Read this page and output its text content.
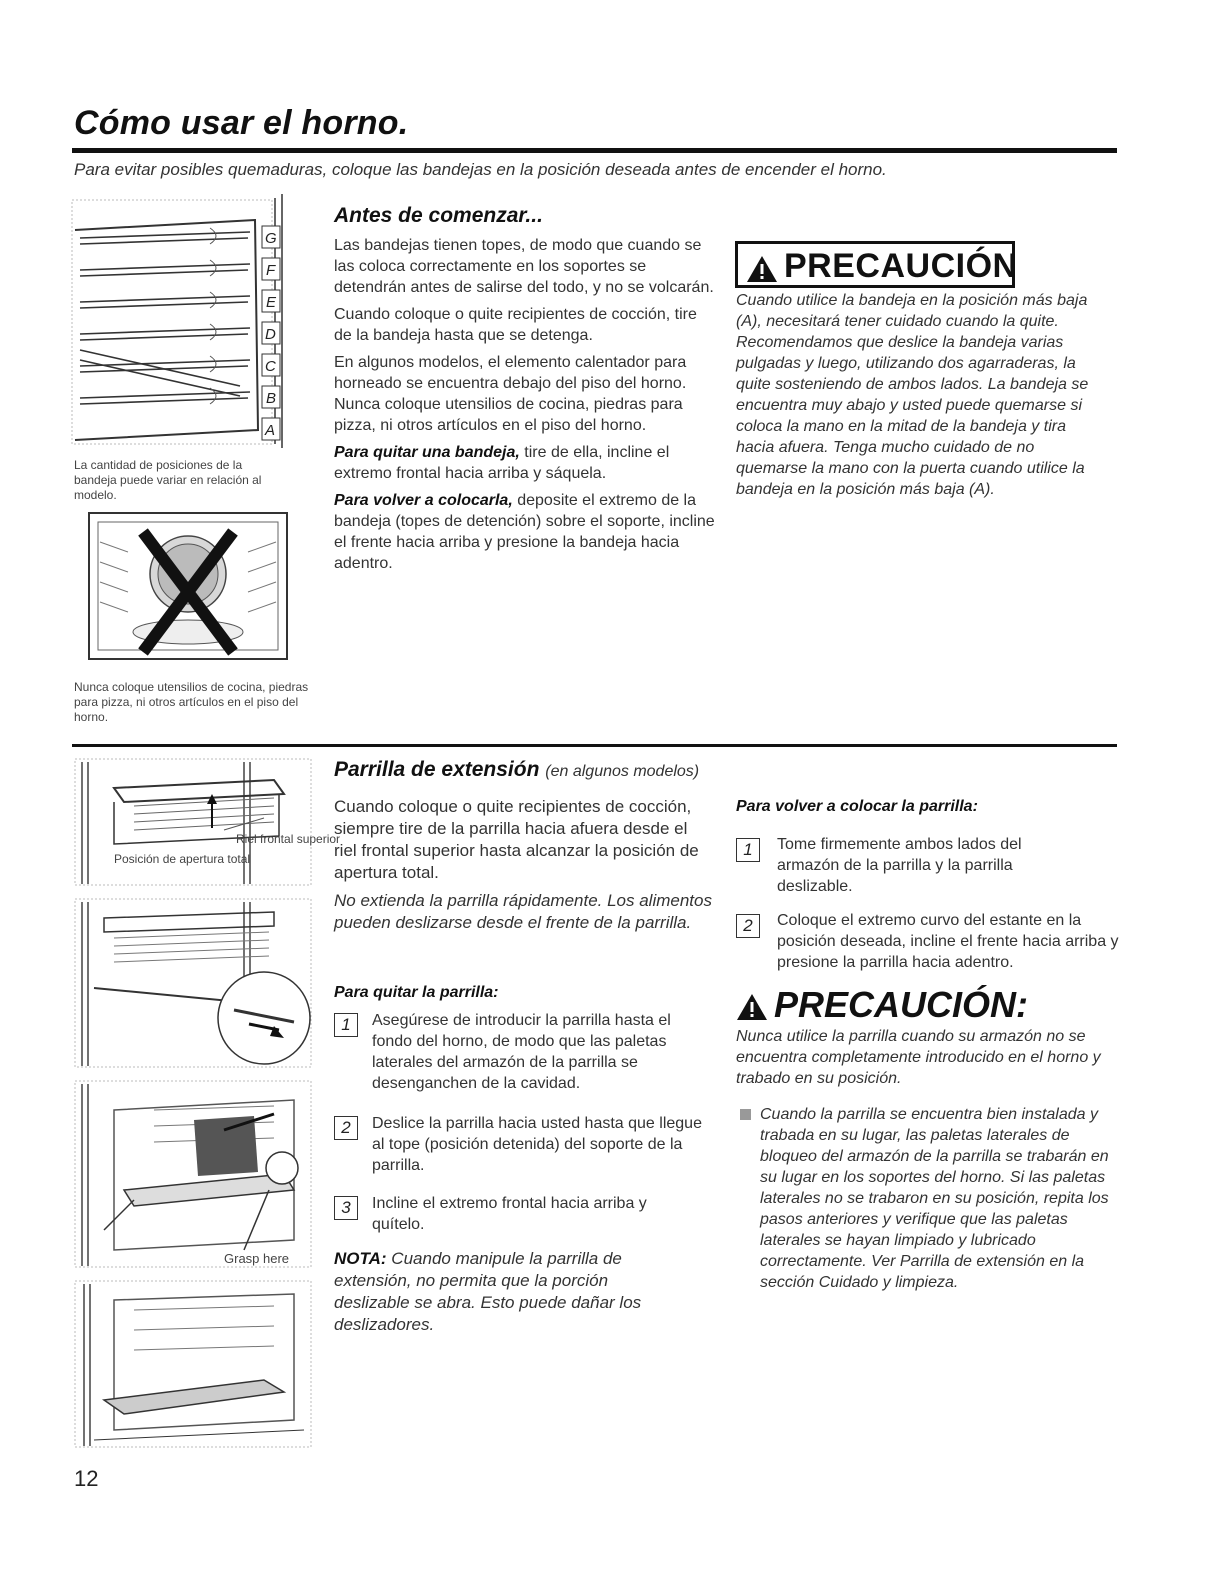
Cómo usar el horno.
Para evitar posibles quemaduras, coloque las bandejas en la posición deseada antes de encender el horno.
G
F
E
D
C
B
A
La cantidad de posiciones de la bandeja puede variar en relación al modelo.
Nunca coloque utensilios de cocina, piedras para pizza, ni otros artículos en el piso del horno.
Antes de comenzar...

Las bandejas tienen topes, de modo que cuando se las coloca correctamente en los soportes se detendrán antes de salirse del todo, y no se volcarán.

Cuando coloque o quite recipientes de cocción, tire de la bandeja hasta que se detenga.

En algunos modelos, el elemento calentador para horneado se encuentra debajo del piso del horno. Nunca coloque utensilios de cocina, piedras para pizza, ni otros artículos en el piso del horno.

Para quitar una bandeja, tire de ella, incline el extremo frontal hacia arriba y sáquela.

Para volver a colocarla, deposite el extremo de la bandeja (topes de detención) sobre el soporte, incline el frente hacia arriba y presione la bandeja hacia adentro.

PRECAUCIÓN
Cuando utilice la bandeja en la posición más baja (A), necesitará tener cuidado cuando la quite. Recomendamos que deslice la bandeja varias pulgadas y luego, utilizando dos agarraderas, la quite sosteniendo de ambos lados. La bandeja se encuentra muy abajo y usted puede quemarse si coloca la mano en la mitad de la bandeja y tira hacia afuera. Tenga mucho cuidado de no quemarse la mano con la puerta cuando utilice la bandeja en la posición más baja (A).
Riel frontal superior
Posición de apertura total
Grasp here
Parrilla de extensión (en algunos modelos)

Cuando coloque o quite recipientes de cocción, siempre tire de la parrilla hacia afuera desde el riel frontal superior hasta alcanzar la posición de apertura total.

No extienda la parrilla rápidamente. Los alimentos pueden deslizarse desde el frente de la parrilla.

Para quitar la parrilla:
1	Asegúrese de introducir la parrilla hasta el fondo del horno, de modo que las paletas laterales del armazón de la parrilla se desenganchen de la cavidad.
2	Deslice la parrilla hacia usted hasta que llegue al tope (posición detenida) del soporte de la parrilla.
3	Incline el extremo frontal hacia arriba y quítelo.

NOTA: Cuando manipule la parrilla de extensión, no permita que la porción deslizable se abra. Esto puede dañar los deslizadores.

Para volver a colocar la parrilla:
1	Tome firmemente ambos lados del armazón de la parrilla y la parrilla deslizable.
2	Coloque el extremo curvo del estante en la posición deseada, incline el frente hacia arriba y presione la parrilla hacia adentro.
PRECAUCIÓN:
Nunca utilice la parrilla cuando su armazón no se encuentra completamente introducido en el horno y trabado en su posición.
Cuando la parrilla se encuentra bien instalada y trabada en su lugar, las paletas laterales de bloqueo del armazón de la parrilla se trabarán en su lugar en los soportes del horno. Si las paletas laterales no se trabaron en su posición, repita los pasos anteriores y verifique que las paletas laterales se hayan limpiado y lubricado correctamente. Ver Parrilla de extensión en la sección Cuidado y limpieza.
12
